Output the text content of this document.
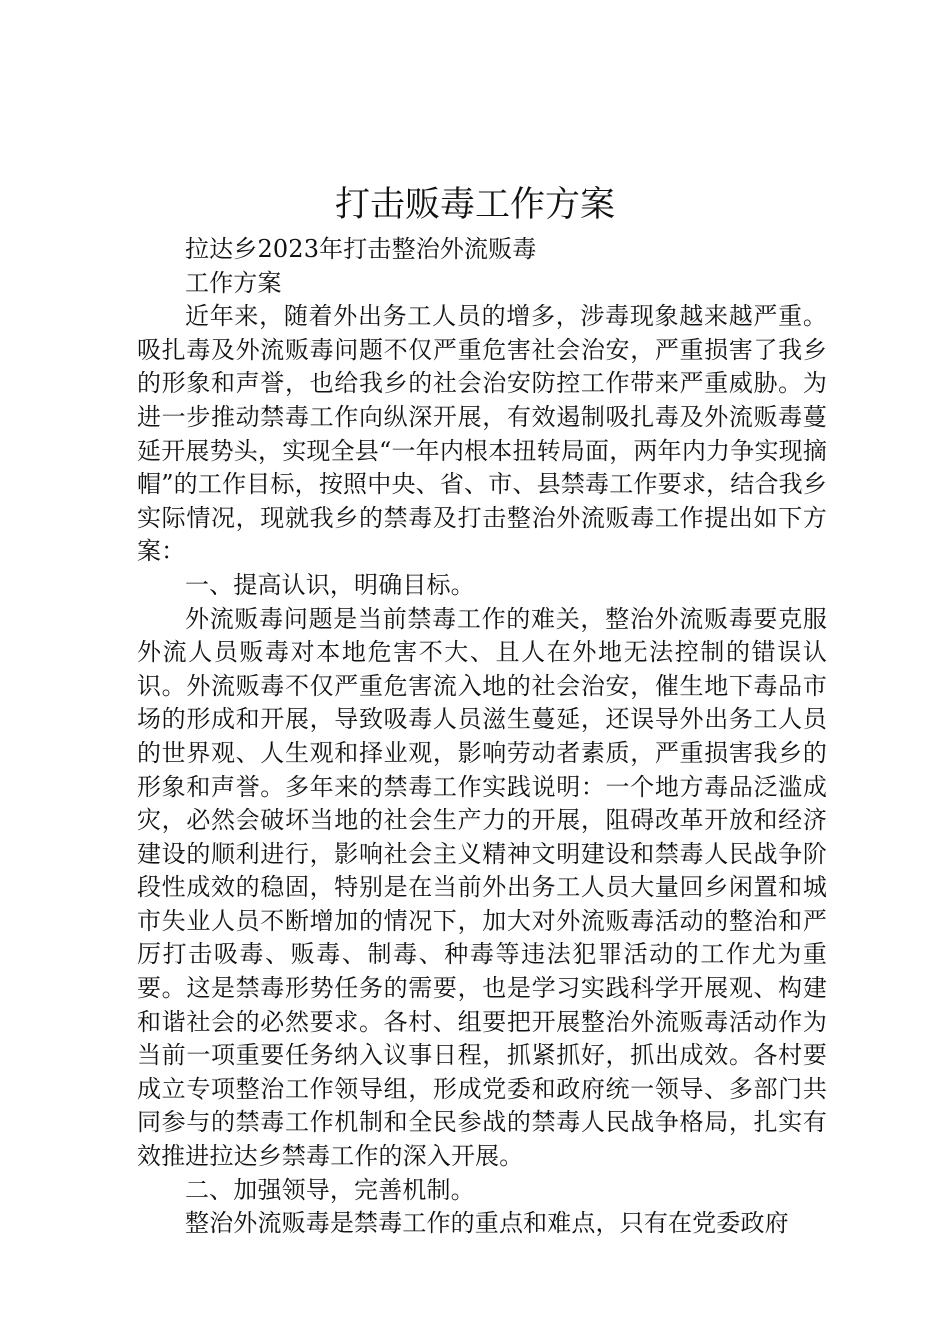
打击贩毒工作方案

拉达乡2023年打击整治外流贩毒

工作方案

近年来，随着外出务工人员的增多，涉毒现象越来越严重。吸扎毒及外流贩毒问题不仅严重危害社会治安，严重损害了我乡的形象和声誉，也给我乡的社会治安防控工作带来严重威胁。为进一步推动禁毒工作向纵深开展，有效遏制吸扎毒及外流贩毒蔓延开展势头，实现全县“一年内根本扭转局面，两年内力争实现摘帽”的工作目标，按照中央、省、市、县禁毒工作要求，结合我乡实际情况，现就我乡的禁毒及打击整治外流贩毒工作提出如下方案：

一、提高认识，明确目标。

外流贩毒问题是当前禁毒工作的难关，整治外流贩毒要克服外流人员贩毒对本地危害不大、且人在外地无法控制的错误认识。外流贩毒不仅严重危害流入地的社会治安，催生地下毒品市场的形成和开展，导致吸毒人员滋生蔓延，还误导外出务工人员的世界观、人生观和择业观，影响劳动者素质，严重损害我乡的形象和声誉。多年来的禁毒工作实践说明：一个地方毒品泛滥成灾，必然会破坏当地的社会生产力的开展，阻碍改革开放和经济建设的顺利进行，影响社会主义精神文明建设和禁毒人民战争阶段性成效的稳固，特别是在当前外出务工人员大量回乡闲置和城市失业人员不断增加的情况下，加大对外流贩毒活动的整治和严厉打击吸毒、贩毒、制毒、种毒等违法犯罪活动的工作尤为重要。这是禁毒形势任务的需要，也是学习实践科学开展观、构建和谐社会的必然要求。各村、组要把开展整治外流贩毒活动作为当前一项重要任务纳入议事日程，抓紧抓好，抓出成效。各村要成立专项整治工作领导组，形成党委和政府统一领导、多部门共同参与的禁毒工作机制和全民参战的禁毒人民战争格局，扎实有效推进拉达乡禁毒工作的深入开展。

二、加强领导，完善机制。

整治外流贩毒是禁毒工作的重点和难点，只有在党委政府
